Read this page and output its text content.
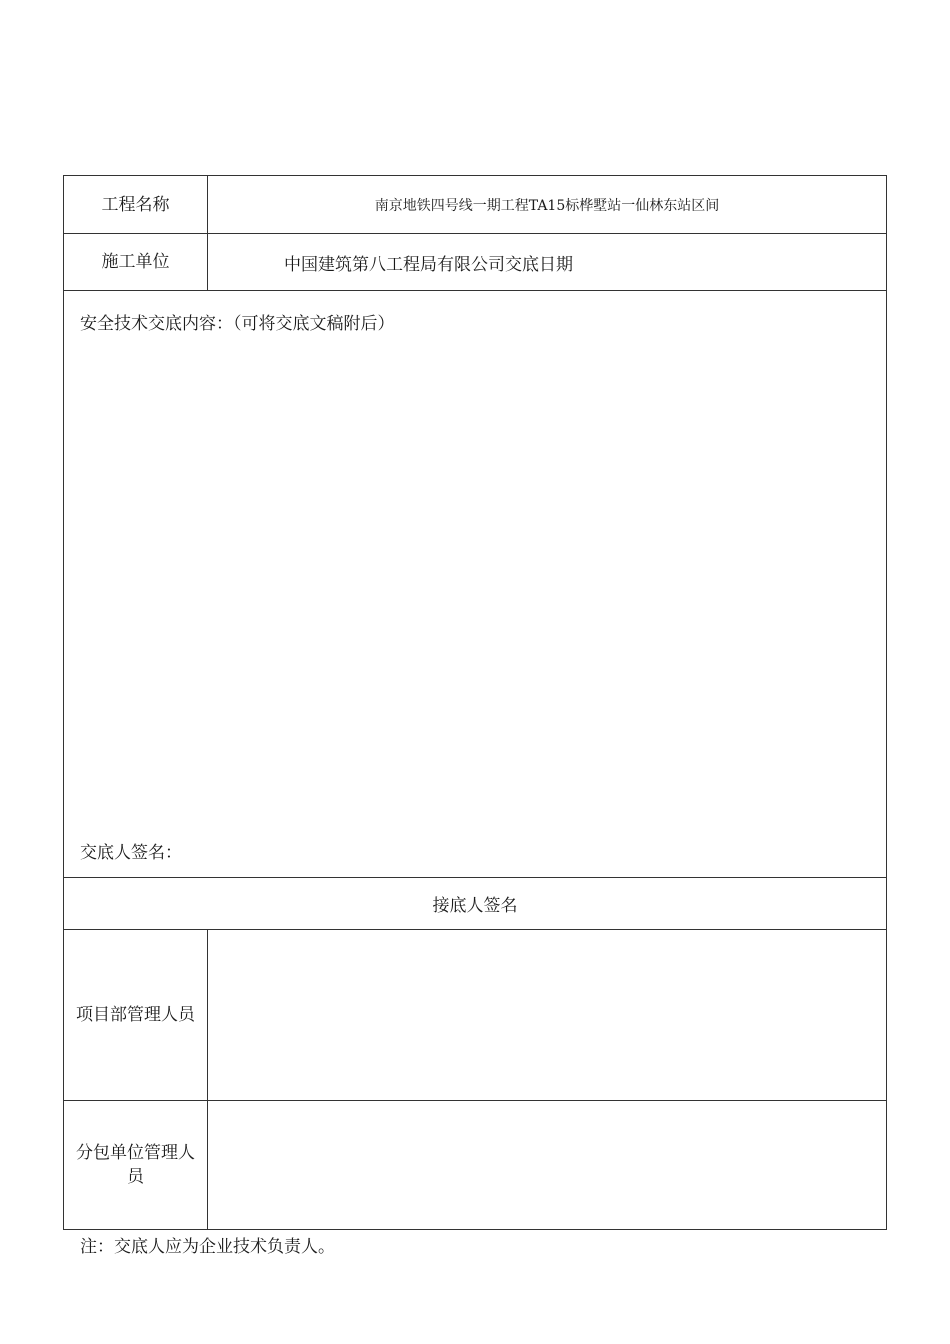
工程名称	南京地铁四号线一期工程TA15标桦墅站一仙林东站区间
施工单位	中国建筑第八工程局有限公司交底日期
安全技术交底内容：（可将交底文稿附后）
交底人签名：
接底人签名
项目部管理人员
分包单位管理人员
注：交底人应为企业技术负责人。
